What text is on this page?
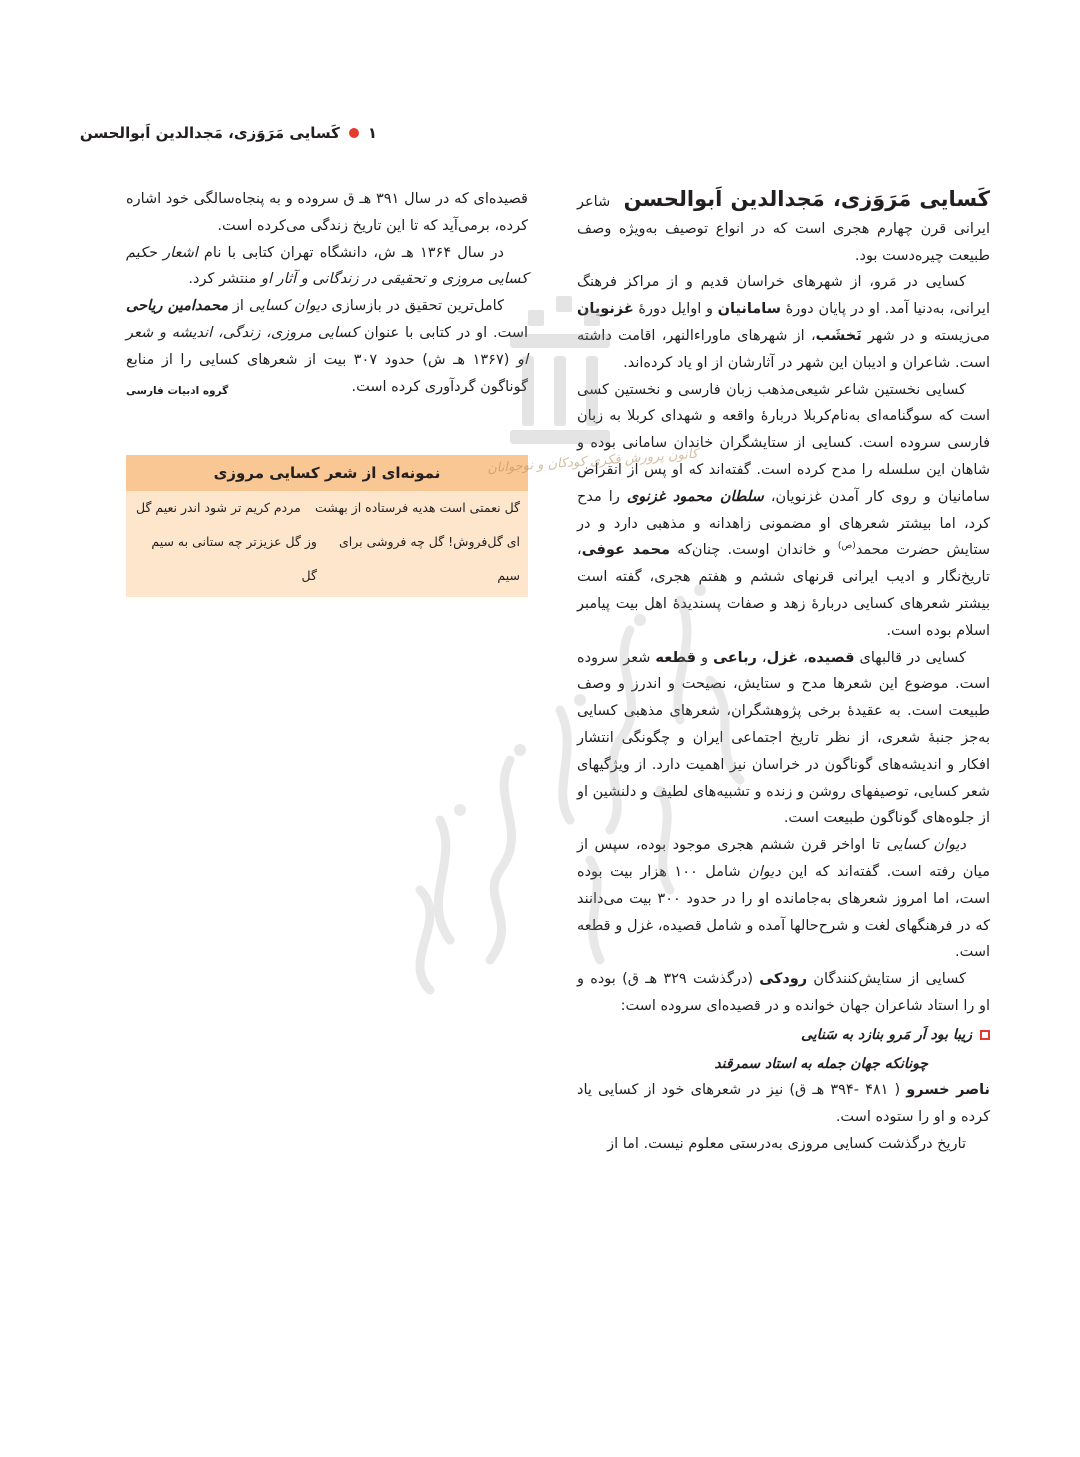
۱
کَسایی مَرَوَزی، مَجدالدین اَبوالحسن

کَسایی مَرَوَزی، مَجدالدین اَبوالحسن شاعر ایرانی قرن چهارم هجری است که در انواع توصیف به‌ویژه وصف طبیعت چیره‌دست بود.

کسایی در مَرو، از شهرهای خراسان قدیم و از مراکز فرهنگ ایرانی، به‌دنیا آمد. او در پایان دورهٔ سامانیان و اوایل دورهٔ غزنویان می‌زیسته و در شهر نَخشَب، از شهرهای ماوراءالنهر، اقامت داشته است. شاعران و ادیبان این شهر در آثارشان از او یاد کرده‌اند.

کسایی نخستین شاعر شیعی‌مذهب زبان فارسی و نخستین کسی است که سوگنامه‌ای به‌نام‌کربلا دربارهٔ واقعه و شهدای کربلا به زبان فارسی سروده است. کسایی از ستایشگران خاندان سامانی بوده و شاهان این سلسله را مدح کرده است. گفته‌اند که او پس از انقراض سامانیان و روی کار آمدن غزنویان، سلطان محمود غزنوی را مدح کرد، اما بیشتر شعرهای او مضمونی زاهدانه و مذهبی دارد و در ستایش حضرت محمد$^{(ص)}$ و خاندان اوست. چنان‌که محمد عوفی، تاریخ‌نگار و ادیب ایرانی قرنهای ششم و هفتم هجری، گفته است بیشتر شعرهای کسایی دربارهٔ زهد و صفات پسندیدهٔ اهل بیت پیامبر اسلام بوده است.

کسایی در قالبهای قصیده، غزل، رباعی و قطعه شعر سروده است. موضوع این شعرها مدح و ستایش، نصیحت و اندرز و وصف طبیعت است. به عقیدهٔ برخی پژوهشگران، شعرهای مذهبی کسایی به‌جز جنبهٔ شعری، از نظر تاریخ اجتماعی ایران و چگونگی انتشار افکار و اندیشه‌های گوناگون در خراسان نیز اهمیت دارد. از ویژگیهای شعر کسایی، توصیفهای روشن و زنده و تشبیه‌های لطیف و دلنشین او از جلوه‌های گوناگون طبیعت است.

دیوان کسایی تا اواخر قرن ششم هجری موجود بوده، سپس از میان رفته است. گفته‌اند که این دیوان شامل ۱۰۰ هزار بیت بوده است، اما امروز شعرهای به‌جامانده او را در حدود ۳۰۰ بیت می‌دانند که در فرهنگهای لغت و شرح‌حالها آمده و شامل قصیده، غزل و قطعه است.

کسایی از ستایش‌کنندگان رودکی (درگذشت ۳۲۹ هـ ق) بوده و او را استاد شاعران جهان خوانده و در قصیده‌ای سروده است:

زیبا بود اَر مَرو بنازد به سَنایی
چونانکه جهان جمله به استاد سمرقند

ناصر خسرو ( ۴۸۱ -۳۹۴ هـ ق) نیز در شعرهای خود از کسایی یاد کرده و او را ستوده است.

تاریخ درگذشت کسایی مروزی به‌درستی معلوم نیست. اما از

قصیده‌ای که در سال ۳۹۱ هـ ق سروده و به پنجاه‌سالگی خود اشاره کرده، برمی‌آید که تا این تاریخ زندگی می‌کرده است.

در سال ۱۳۶۴ هـ ش، دانشگاه تهران کتابی با نام اشعار حکیم کسایی مروزی و تحقیقی در زندگانی و آثار او منتشر کرد.

کامل‌ترین تحقیق در بازسازی دیوان کسایی از محمدامین ریاحی است. او در کتابی با عنوان کسایی مروزی، زندگی، اندیشه و شعر او (۱۳۶۷ هـ ش) حدود ۳۰۷ بیت از شعرهای کسایی را از منابع گوناگون گردآوری کرده است.

گروه ادبیات فارسی
نمونه‌ای از شعر کسایی مروزی
گل نعمتی است هدیه فرستاده از بهشت
مردم کریم تر شود اندر نعیم گل
ای گل‌فروش! گل چه فروشی برای سیم
وز گل عزیزتر چه ستانی به سیم گل
کانون پرورش فکری کودکان و نوجوانان
